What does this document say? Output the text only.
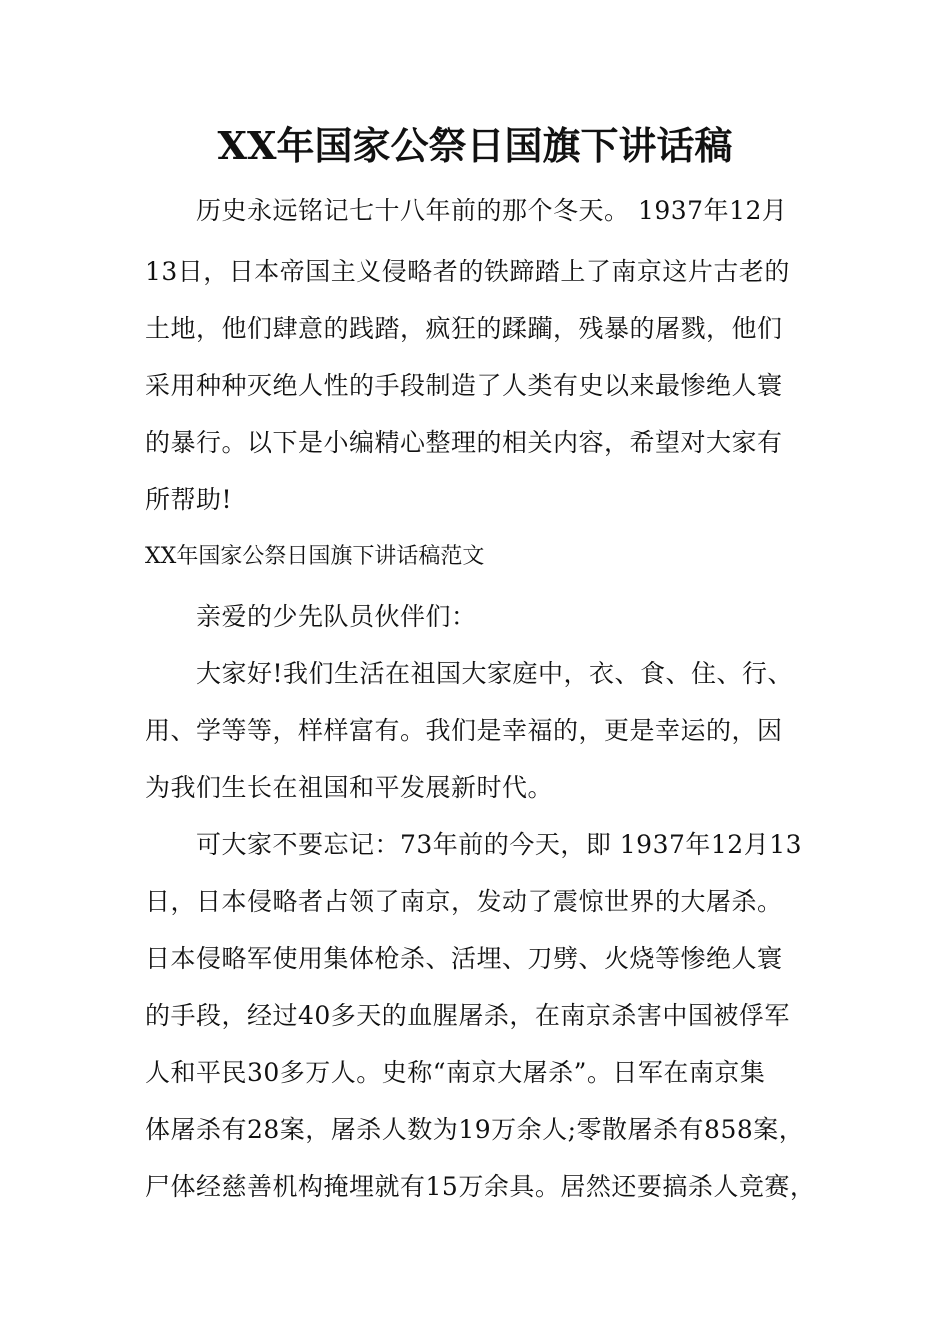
XX年国家公祭日国旗下讲话稿
历史永远铭记七十八年前的那个冬天。 1937年12月
13日，日本帝国主义侵略者的铁蹄踏上了南京这片古老的
土地，他们肆意的践踏，疯狂的蹂躏，残暴的屠戮，他们
采用种种灭绝人性的手段制造了人类有史以来最惨绝人寰
的暴行。以下是小编精心整理的相关内容，希望对大家有
所帮助!
XX年国家公祭日国旗下讲话稿范文
亲爱的少先队员伙伴们：
大家好!我们生活在祖国大家庭中，衣、食、住、行、
用、学等等，样样富有。我们是幸福的，更是幸运的，因
为我们生长在祖国和平发展新时代。
可大家不要忘记：73年前的今天，即 1937年12月13
日，日本侵略者占领了南京，发动了震惊世界的大屠杀。
日本侵略军使用集体枪杀、活埋、刀劈、火烧等惨绝人寰
的手段，经过40多天的血腥屠杀，在南京杀害中国被俘军
人和平民30多万人。史称“南京大屠杀”。日军在南京集
体屠杀有28案，屠杀人数为19万余人;零散屠杀有858案，
尸体经慈善机构掩埋就有15万余具。居然还要搞杀人竞赛，
